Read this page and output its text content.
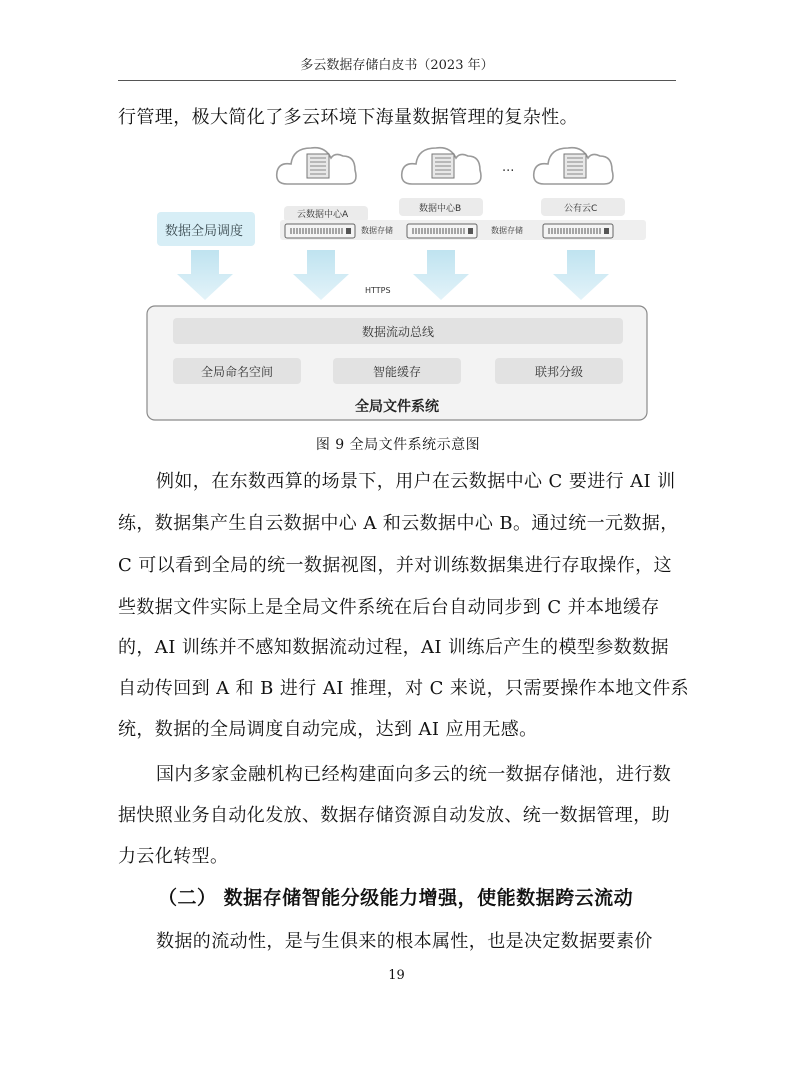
多云数据存储白皮书（2023 年）
行管理，极大简化了多云环境下海量数据管理的复杂性。
数据全局调度
云数据中心A
数据中心B	公有云C
...
数据存储	数据存储
HTTPS
数据流动总线
全局命名空间	智能缓存	联邦分级
全局文件系统
图 9 全局文件系统示意图
例如，在东数西算的场景下，用户在云数据中心 C 要进行 AI 训
练，数据集产生自云数据中心 A 和云数据中心 B。通过统一元数据，
C 可以看到全局的统一数据视图，并对训练数据集进行存取操作，这
些数据文件实际上是全局文件系统在后台自动同步到 C 并本地缓存
的，AI 训练并不感知数据流动过程，AI 训练后产生的模型参数数据
自动传回到 A 和 B 进行 AI 推理，对 C 来说，只需要操作本地文件系
统，数据的全局调度自动完成，达到 AI 应用无感。
国内多家金融机构已经构建面向多云的统一数据存储池，进行数
据快照业务自动化发放、数据存储资源自动发放、统一数据管理，助
力云化转型。
（二） 数据存储智能分级能力增强，使能数据跨云流动
数据的流动性，是与生俱来的根本属性，也是决定数据要素价
19
